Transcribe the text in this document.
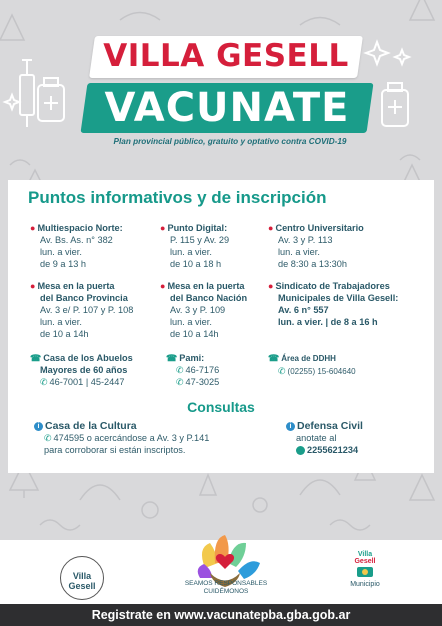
VILLA GESELL
VACUNATE
Plan provincial público, gratuito y optativo contra COVID-19
Puntos informativos y de inscripción
● Multiespacio Norte:
Av. Bs. As. n° 382
lun. a vier.
de 9 a 13 h
● Punto Digital:
P. 115 y Av. 29
lun. a vier.
de 10 a 18 h
● Centro Universitario
Av. 3 y P. 113
lun. a vier.
de 8:30 a 13:30h
● Mesa en la puerta
del Banco Provincia
Av. 3 e/ P. 107 y P. 108
lun. a vier.
de 10 a 14h
● Mesa en la puerta
del Banco Nación
Av. 3 y P. 109
lun. a vier.
de 10 a 14h
● Sindicato de Trabajadores
Municipales de Villa Gesell:
Av. 6 n° 557
lun. a vier. | de 8 a 16 h
☎ Casa de los Abuelos
Mayores de 60 años
✆ 46-7001 | 45-2447
☎ Pami:
✆ 46-7176
✆ 47-3025
☎ Área de DDHH
✆ (02255) 15-604640
Consultas
i Casa de la Cultura
✆ 474595 o acercándose a Av. 3 y P.141
para corroborar si están inscriptos.
i Defensa Civil
anotate al
2255621234
Villa Gesell	SEAMOS RESPONSABLES
CUIDÉMONOS
Villa
Gesell
Municipio
Registrate en www.vacunatepba.gba.gob.ar
